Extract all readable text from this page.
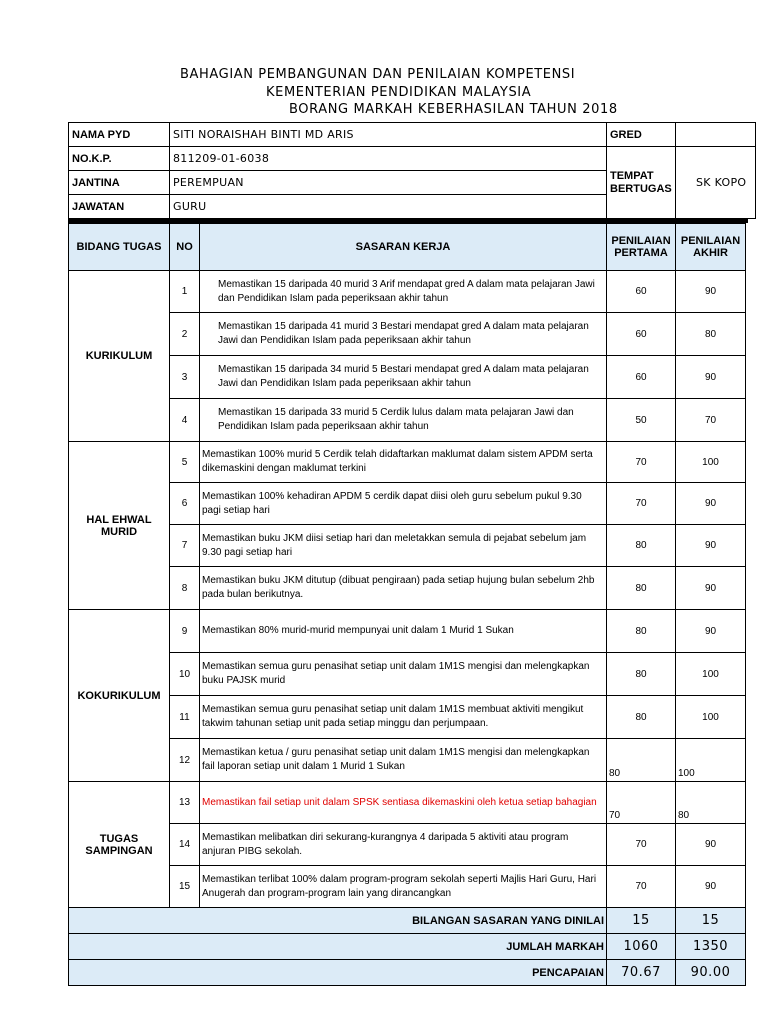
BAHAGIAN PEMBANGUNAN DAN PENILAIAN KOMPETENSI
KEMENTERIAN PENDIDIKAN MALAYSIA
BORANG MARKAH KEBERHASILAN TAHUN 2018
NAMA PYD	SITI NORAISHAH BINTI MD ARIS	GRED	
NO.K.P.	811209-01-6038	TEMPAT BERTUGAS	SK KOPO
JANTINA	PEREMPUAN		
JAWATAN	GURU		
BIDANG TUGAS	NO	SASARAN KERJA	PENILAIAN PERTAMA	PENILAIAN AKHIR
KURIKULUM	1	Memastikan 15 daripada 40 murid 3 Arif mendapat gred A dalam mata pelajaran Jawi dan Pendidikan Islam pada peperiksaan akhir tahun	60	90
	2	Memastikan 15 daripada 41 murid 3 Bestari mendapat gred A dalam mata pelajaran Jawi dan Pendidikan Islam pada peperiksaan akhir tahun	60	80
	3	Memastikan 15 daripada 34 murid 5 Bestari mendapat gred A dalam mata pelajaran Jawi dan Pendidikan Islam pada peperiksaan akhir tahun	60	90
	4	Memastikan 15 daripada 33 murid 5 Cerdik lulus dalam mata pelajaran Jawi dan Pendidikan Islam pada peperiksaan akhir tahun	50	70
HAL EHWAL MURID	5	Memastikan 100% murid 5 Cerdik telah didaftarkan maklumat dalam sistem APDM serta dikemaskini dengan maklumat terkini	70	100
	6	Memastikan 100% kehadiran APDM 5 cerdik dapat diisi oleh guru sebelum pukul 9.30 pagi setiap hari	70	90
	7	Memastikan buku JKM diisi setiap hari dan meletakkan semula di pejabat sebelum jam 9.30 pagi setiap hari	80	90
	8	Memastikan buku JKM ditutup (dibuat pengiraan) pada setiap hujung bulan sebelum 2hb pada bulan berikutnya.	80	90
KOKURIKULUM	9	Memastikan 80% murid-murid mempunyai unit dalam 1 Murid 1 Sukan	80	90
	10	Memastikan semua guru penasihat setiap unit dalam 1M1S mengisi dan melengkapkan buku PAJSK murid	80	100
	11	Memastikan semua guru penasihat setiap unit dalam 1M1S membuat aktiviti mengikut takwim tahunan setiap unit pada setiap minggu dan perjumpaan.	80	100
	12	Memastikan ketua / guru penasihat setiap unit dalam 1M1S mengisi dan melengkapkan fail laporan setiap unit dalam 1 Murid 1 Sukan	80	100
TUGAS SAMPINGAN	13	Memastikan fail setiap unit dalam SPSK sentiasa dikemaskini oleh ketua setiap bahagian	70	80
	14	Memastikan melibatkan diri sekurang-kurangnya 4 daripada 5 aktiviti atau program anjuran PIBG sekolah.	70	90
	15	Memastikan terlibat 100% dalam program-program sekolah seperti Majlis Hari Guru, Hari Anugerah dan program-program lain yang dirancangkan	70	90
BILANGAN SASARAN YANG DINILAI			15	15
JUMLAH MARKAH			1060	1350
PENCAPAIAN			70.67	90.00
